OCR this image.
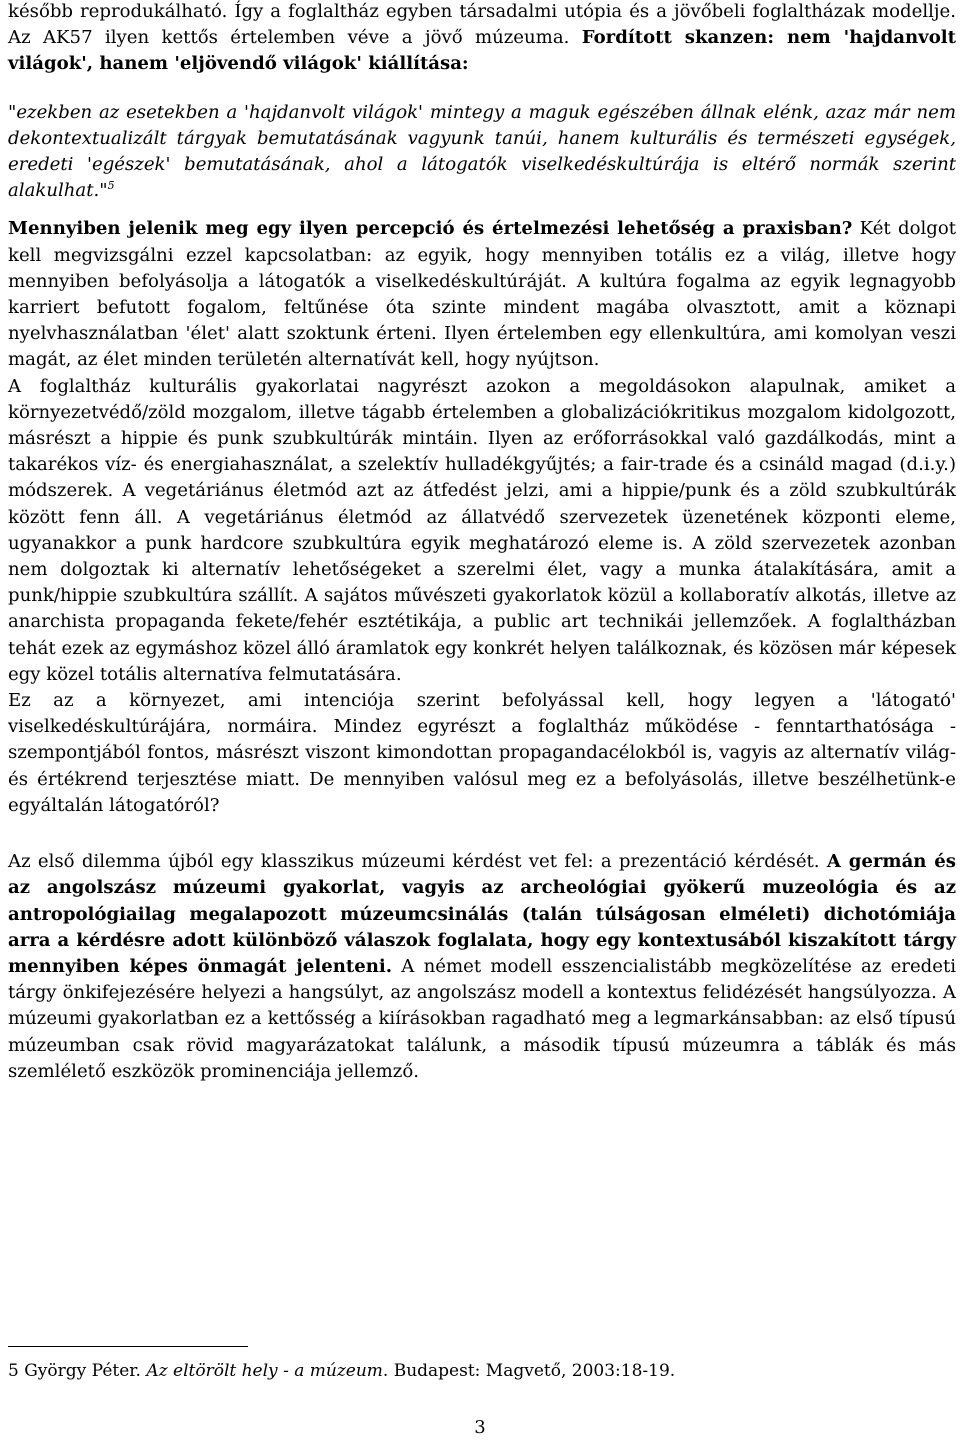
később reprodukálható. Így a foglaltház egyben társadalmi utópia és a jövőbeli foglaltházak modellje. Az AK57 ilyen kettős értelemben véve a jövő múzeuma. Fordított skanzen: nem 'hajdanvolt világok', hanem 'eljövendő világok' kiállítása:

"ezekben az esetekben a 'hajdanvolt világok' mintegy a maguk egészében állnak elénk, azaz már nem dekontextualizált tárgyak bemutatásának vagyunk tanúi, hanem kulturális és természeti egységek, eredeti 'egészek' bemutatásának, ahol a látogatók viselkedéskultúrája is eltérő normák szerint alakulhat."$^5$

Mennyiben jelenik meg egy ilyen percepció és értelmezési lehetőség a praxisban? Két dolgot kell megvizsgálni ezzel kapcsolatban: az egyik, hogy mennyiben totális ez a világ, illetve hogy mennyiben befolyásolja a látogatók a viselkedéskultúráját. A kultúra fogalma az egyik legnagyobb karriert befutott fogalom, feltűnése óta szinte mindent magába olvasztott, amit a köznapi nyelvhasználatban 'élet' alatt szoktunk érteni. Ilyen értelemben egy ellenkultúra, ami komolyan veszi magát, az élet minden területén alternatívát kell, hogy nyújtson.

A foglaltház kulturális gyakorlatai nagyrészt azokon a megoldásokon alapulnak, amiket a környezetvédő/zöld mozgalom, illetve tágabb értelemben a globalizációkritikus mozgalom kidolgozott, másrészt a hippie és punk szubkultúrák mintáin. Ilyen az erőforrásokkal való gazdálkodás, mint a takarékos víz- és energiahasználat, a szelektív hulladékgyűjtés; a fair-trade és a csináld magad (d.i.y.) módszerek. A vegetáriánus életmód azt az átfedést jelzi, ami a hippie/punk és a zöld szubkultúrák között fenn áll. A vegetáriánus életmód az állatvédő szervezetek üzenetének központi eleme, ugyanakkor a punk hardcore szubkultúra egyik meghatározó eleme is. A zöld szervezetek azonban nem dolgoztak ki alternatív lehetőségeket a szerelmi élet, vagy a munka átalakítására, amit a punk/hippie szubkultúra szállít. A sajátos művészeti gyakorlatok közül a kollaboratív alkotás, illetve az anarchista propaganda fekete/fehér esztétikája, a public art technikái jellemzőek. A foglaltházban tehát ezek az egymáshoz közel álló áramlatok egy konkrét helyen találkoznak, és közösen már képesek egy közel totális alternatíva felmutatására.

Ez az a környezet, ami intenciója szerint befolyással kell, hogy legyen a 'látogató' viselkedéskultúrájára, normáira. Mindez egyrészt a foglaltház működése - fenntarthatósága - szempontjából fontos, másrészt viszont kimondottan propagandacélokból is, vagyis az alternatív világ- és értékrend terjesztése miatt. De mennyiben valósul meg ez a befolyásolás, illetve beszélhetünk-e egyáltalán látogatóról?

Az első dilemma újból egy klasszikus múzeumi kérdést vet fel: a prezentáció kérdését. A germán és az angolszász múzeumi gyakorlat, vagyis az archeológiai gyökerű muzeológia és az antropológiailag megalapozott múzeumcsinálás (talán túlságosan elméleti) dichotómiája arra a kérdésre adott különböző válaszok foglalata, hogy egy kontextusából kiszakított tárgy mennyiben képes önmagát jelenteni. A német modell esszencialistább megközelítése az eredeti tárgy önkifejezésére helyezi a hangsúlyt, az angolszász modell a kontextus felidézését hangsúlyozza. A múzeumi gyakorlatban ez a kettősség a kiírásokban ragadható meg a legmarkánsabban: az első típusú múzeumban csak rövid magyarázatokat találunk, a második típusú múzeumra a táblák és más szemlélető eszközök prominenciája jellemző.

5 György Péter. Az eltörölt hely - a múzeum. Budapest: Magvető, 2003:18-19.
3
